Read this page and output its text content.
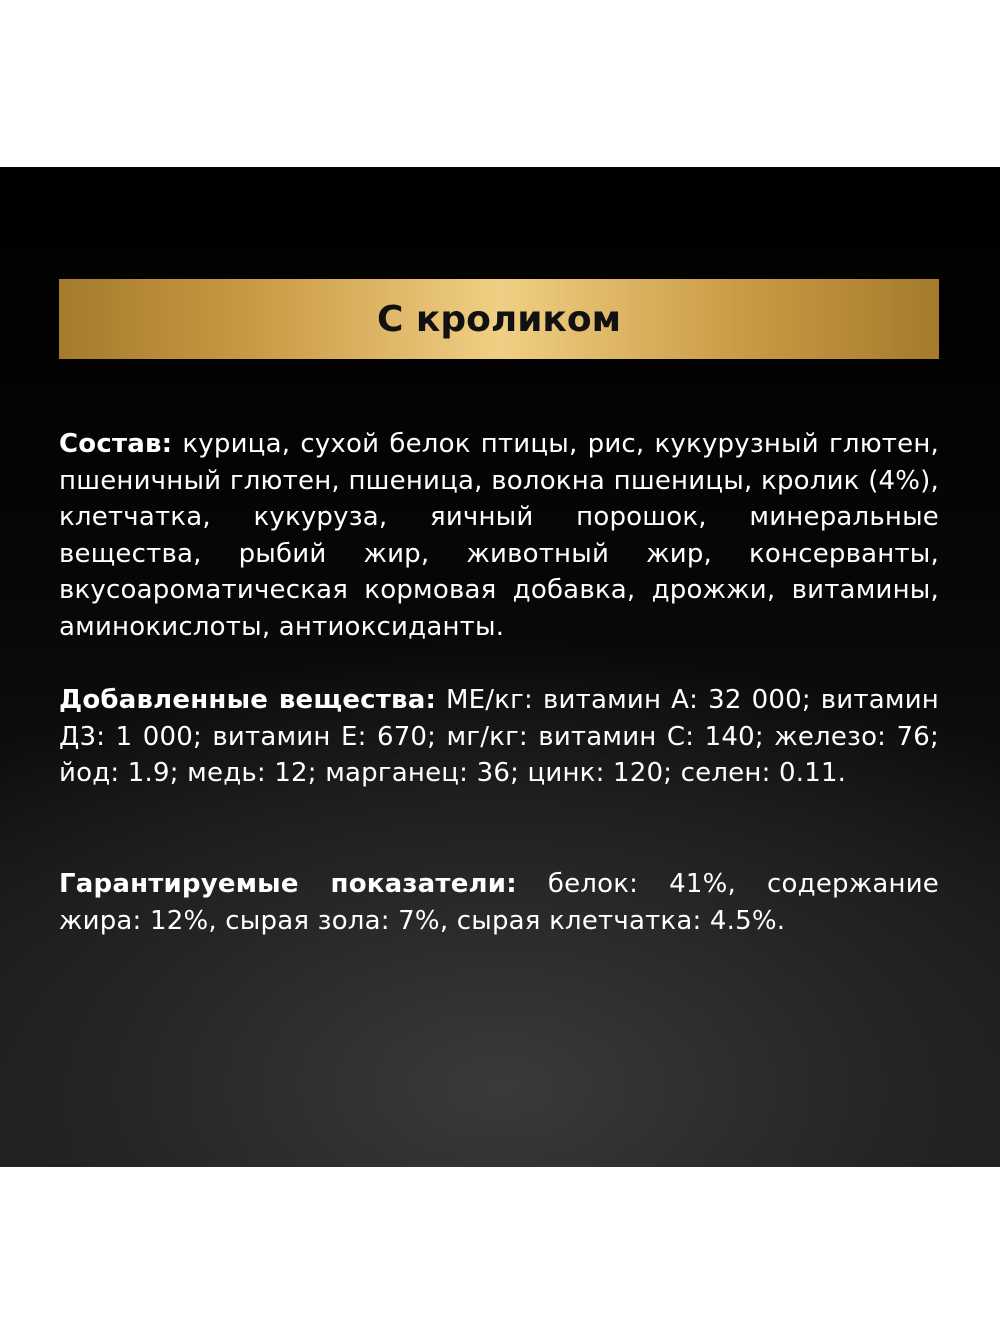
С кроликом

Состав: курица, сухой белок птицы, рис, кукурузный глютен, пшеничный глютен, пшеница, волокна пшеницы, кролик (4%), клетчатка, кукуруза, яичный порошок, минеральные вещества, рыбий жир, животный жир, консерванты, вкусоароматическая кормовая добавка, дрожжи, витамины, аминокислоты, антиоксиданты.

Добавленные вещества: МЕ/кг: витамин А: 32 000; витамин Д3: 1 000; витамин Е: 670; мг/кг: витамин С: 140; железо: 76; йод: 1.9; медь: 12; марганец: 36; цинк: 120; селен: 0.11.

Гарантируемые показатели: белок: 41%, содержание жира: 12%, сырая зола: 7%, сырая клетчатка: 4.5%.
